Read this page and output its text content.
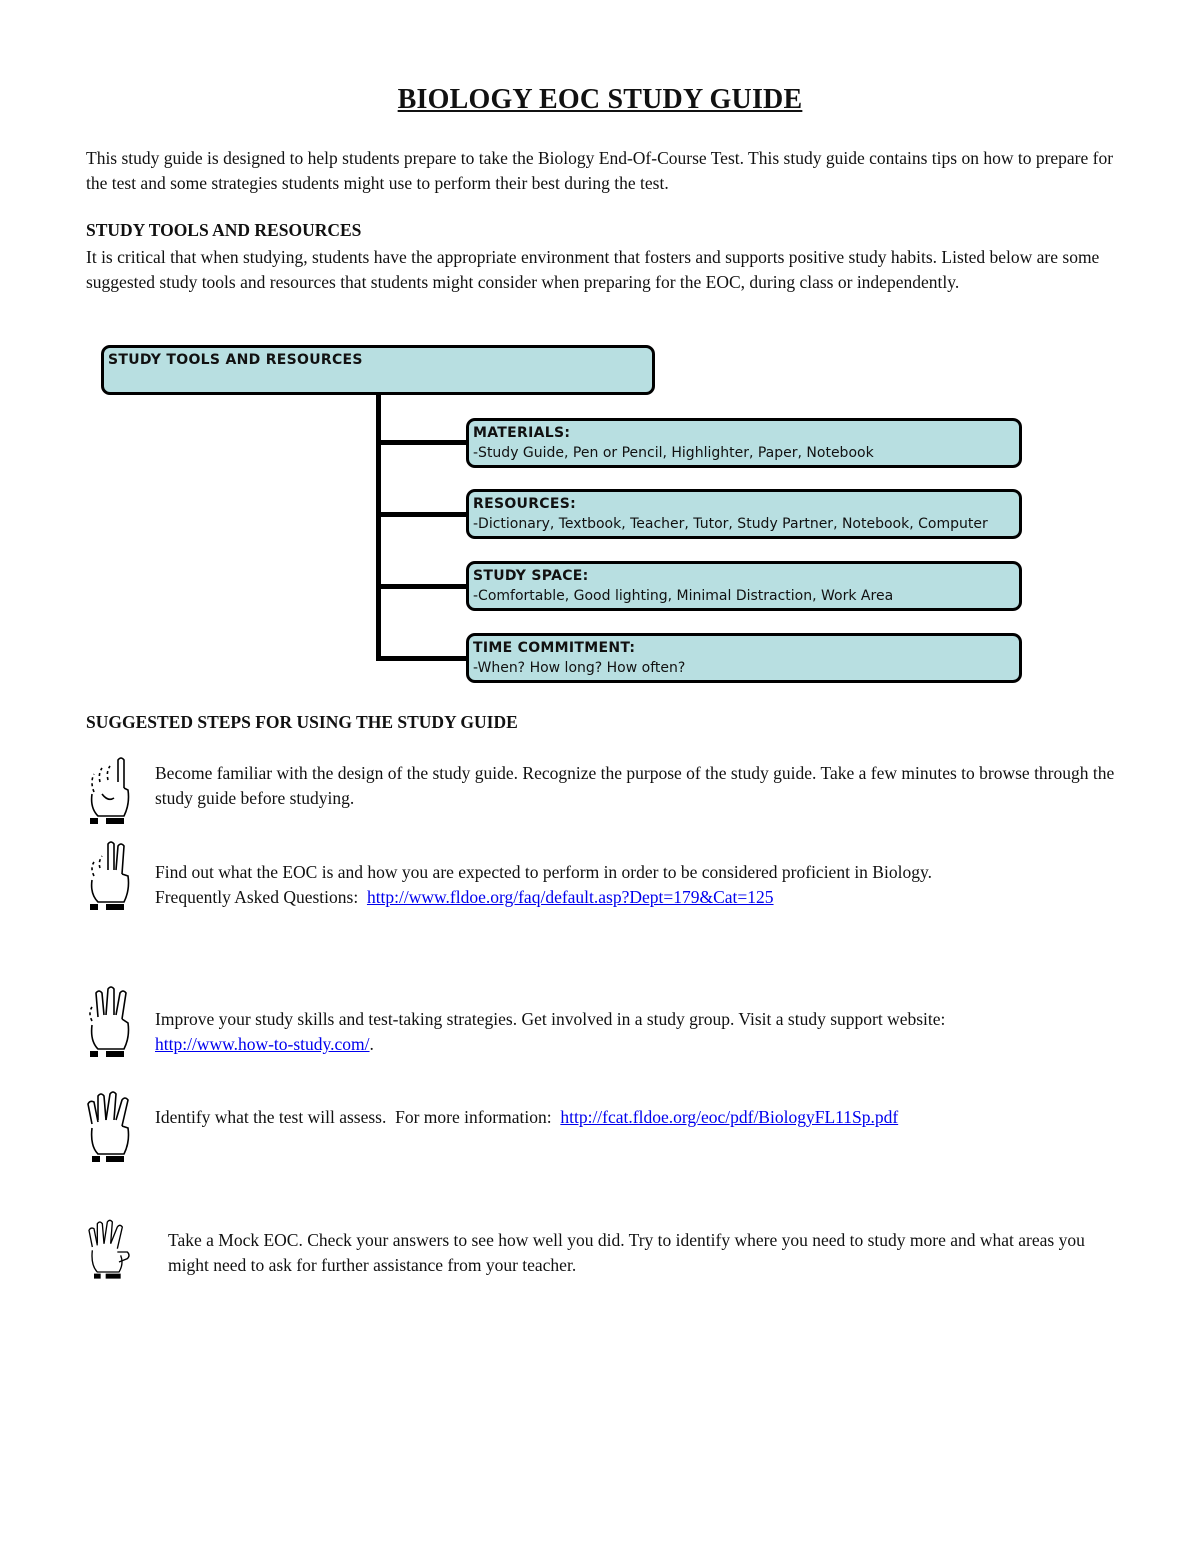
BIOLOGY EOC STUDY GUIDE
This study guide is designed to help students prepare to take the Biology End-Of-Course Test. This study guide contains tips on how to prepare for the test and some strategies students might use to perform their best during the test.
STUDY TOOLS AND RESOURCES
It is critical that when studying, students have the appropriate environment that fosters and supports positive study habits. Listed below are some suggested study tools and resources that students might consider when preparing for the EOC, during class or independently.
STUDY TOOLS AND RESOURCES
MATERIALS:
-Study Guide, Pen or Pencil, Highlighter, Paper, Notebook
RESOURCES:
-Dictionary, Textbook, Teacher, Tutor, Study Partner, Notebook, Computer
STUDY SPACE:
-Comfortable, Good lighting, Minimal Distraction, Work Area
TIME COMMITMENT:
-When? How long? How often?
SUGGESTED STEPS FOR USING THE STUDY GUIDE
Become familiar with the design of the study guide. Recognize the purpose of the study guide. Take a few minutes to browse through the study guide before studying.
Find out what the EOC is and how you are expected to perform in order to be considered proficient in Biology.
Frequently Asked Questions:  http://www.fldoe.org/faq/default.asp?Dept=179&Cat=125
Improve your study skills and test-taking strategies. Get involved in a study group. Visit a study support website:
http://www.how-to-study.com/.
Identify what the test will assess.  For more information:  http://fcat.fldoe.org/eoc/pdf/BiologyFL11Sp.pdf
Take a Mock EOC. Check your answers to see how well you did. Try to identify where you need to study more and what areas you might need to ask for further assistance from your teacher.
